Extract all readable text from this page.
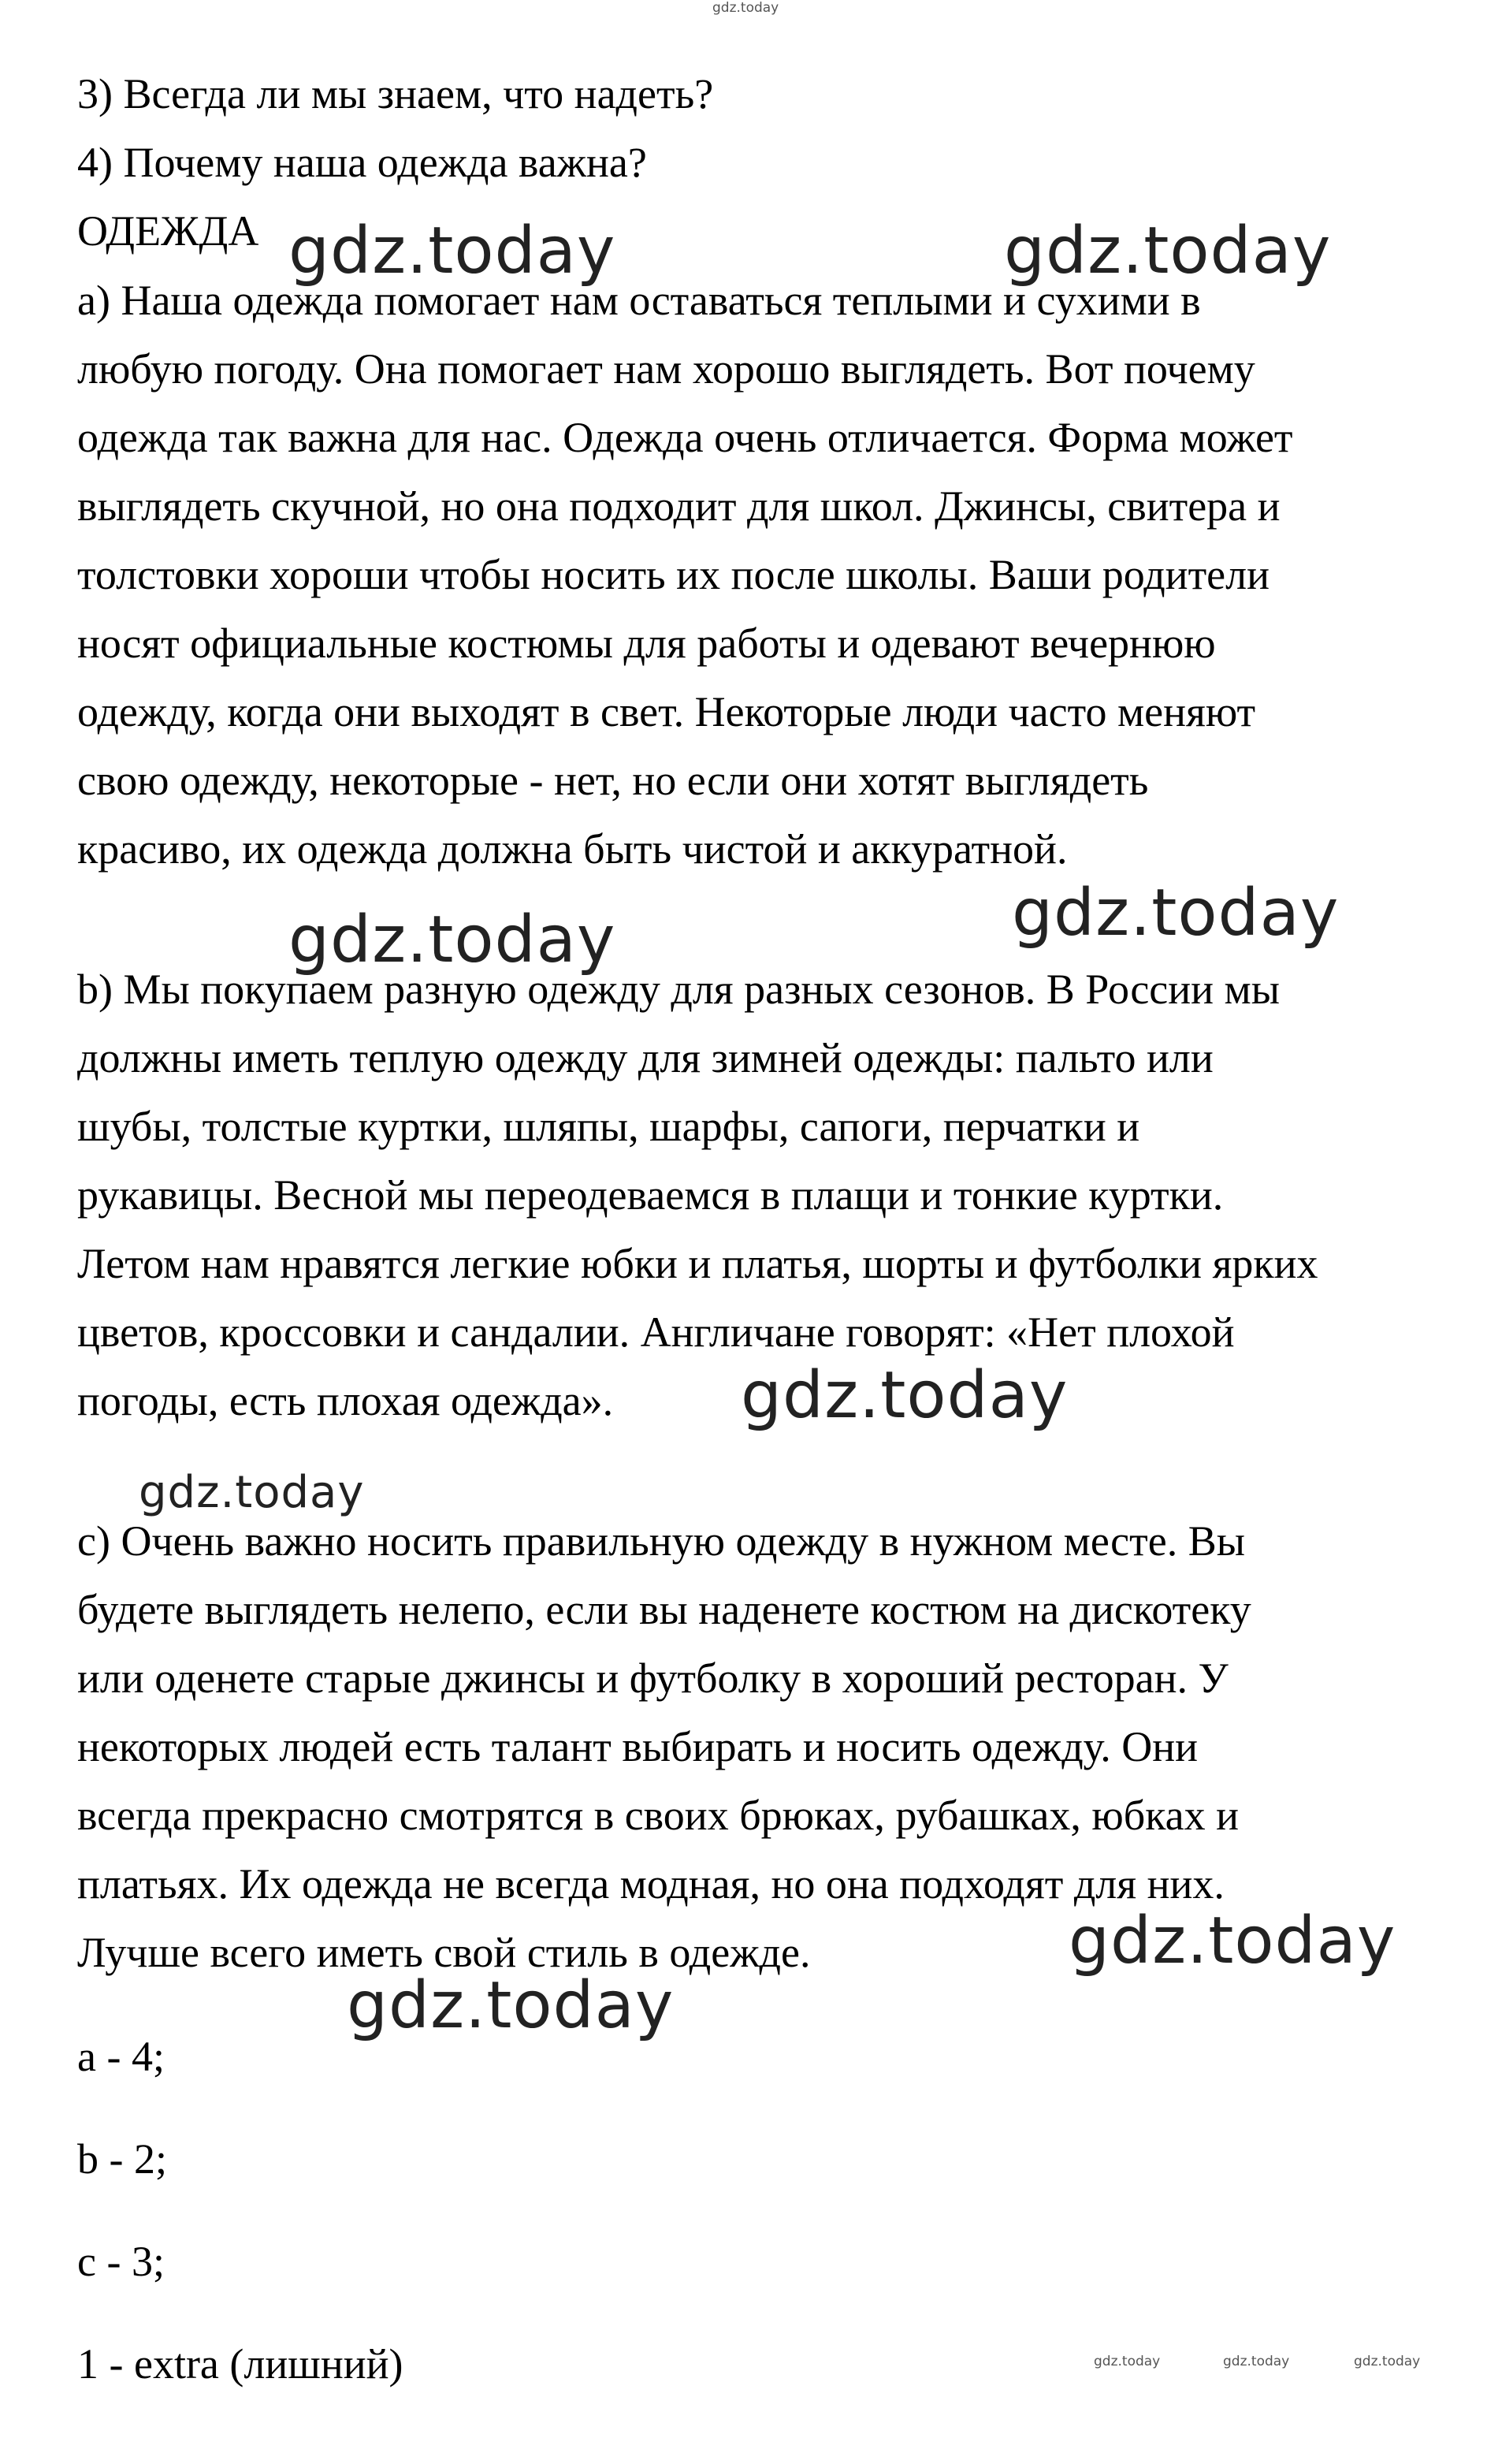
gdz.today
3) Всегда ли мы знаем, что надеть?
4) Почему наша одежда важна?
ОДЕЖДА gdz.today	gdz.today
a) Наша одежда помогает нам оставаться теплыми и сухими в
любую погоду. Она помогает нам хорошо выглядеть. Вот почему
одежда так важна для нас. Одежда очень отличается. Форма может
выглядеть скучной, но она подходит для школ. Джинсы, свитера и
толстовки хороши чтобы носить их после школы. Ваши родители
носят официальные костюмы для работы и одевают вечернюю
одежду, когда они выходят в свет. Некоторые люди часто меняют
свою одежду, некоторые - нет, но если они хотят выглядеть
красиво, их одежда должна быть чистой и аккуратной.
gdz.today
gdz.today
b) Мы покупаем разную одежду для разных сезонов. В России мы
должны иметь теплую одежду для зимней одежды: пальто или
шубы, толстые куртки, шляпы, шарфы, сапоги, перчатки и
рукавицы. Весной мы переодеваемся в плащи и тонкие куртки.
Летом нам нравятся легкие юбки и платья, шорты и футболки ярких
цветов, кроссовки и сандалии. Англичане говорят: «Нет плохой
погоды, есть плохая одежда». gdz.today
gdz.today
c) Очень важно носить правильную одежду в нужном месте. Вы
будете выглядеть нелепо, если вы наденете костюм на дискотеку
или оденете старые джинсы и футболку в хороший ресторан. У
некоторых людей есть талант выбирать и носить одежду. Они
всегда прекрасно смотрятся в своих брюках, рубашках, юбках и
платьях. Их одежда не всегда модная, но она подходят для них.
Лучше всего иметь свой стиль в одежде.	gdz.today
gdz.today
a - 4;
b - 2;
c - 3;
1 - extra (лишний)	gdz.today	gdz.today	gdz.today
gdz.today
